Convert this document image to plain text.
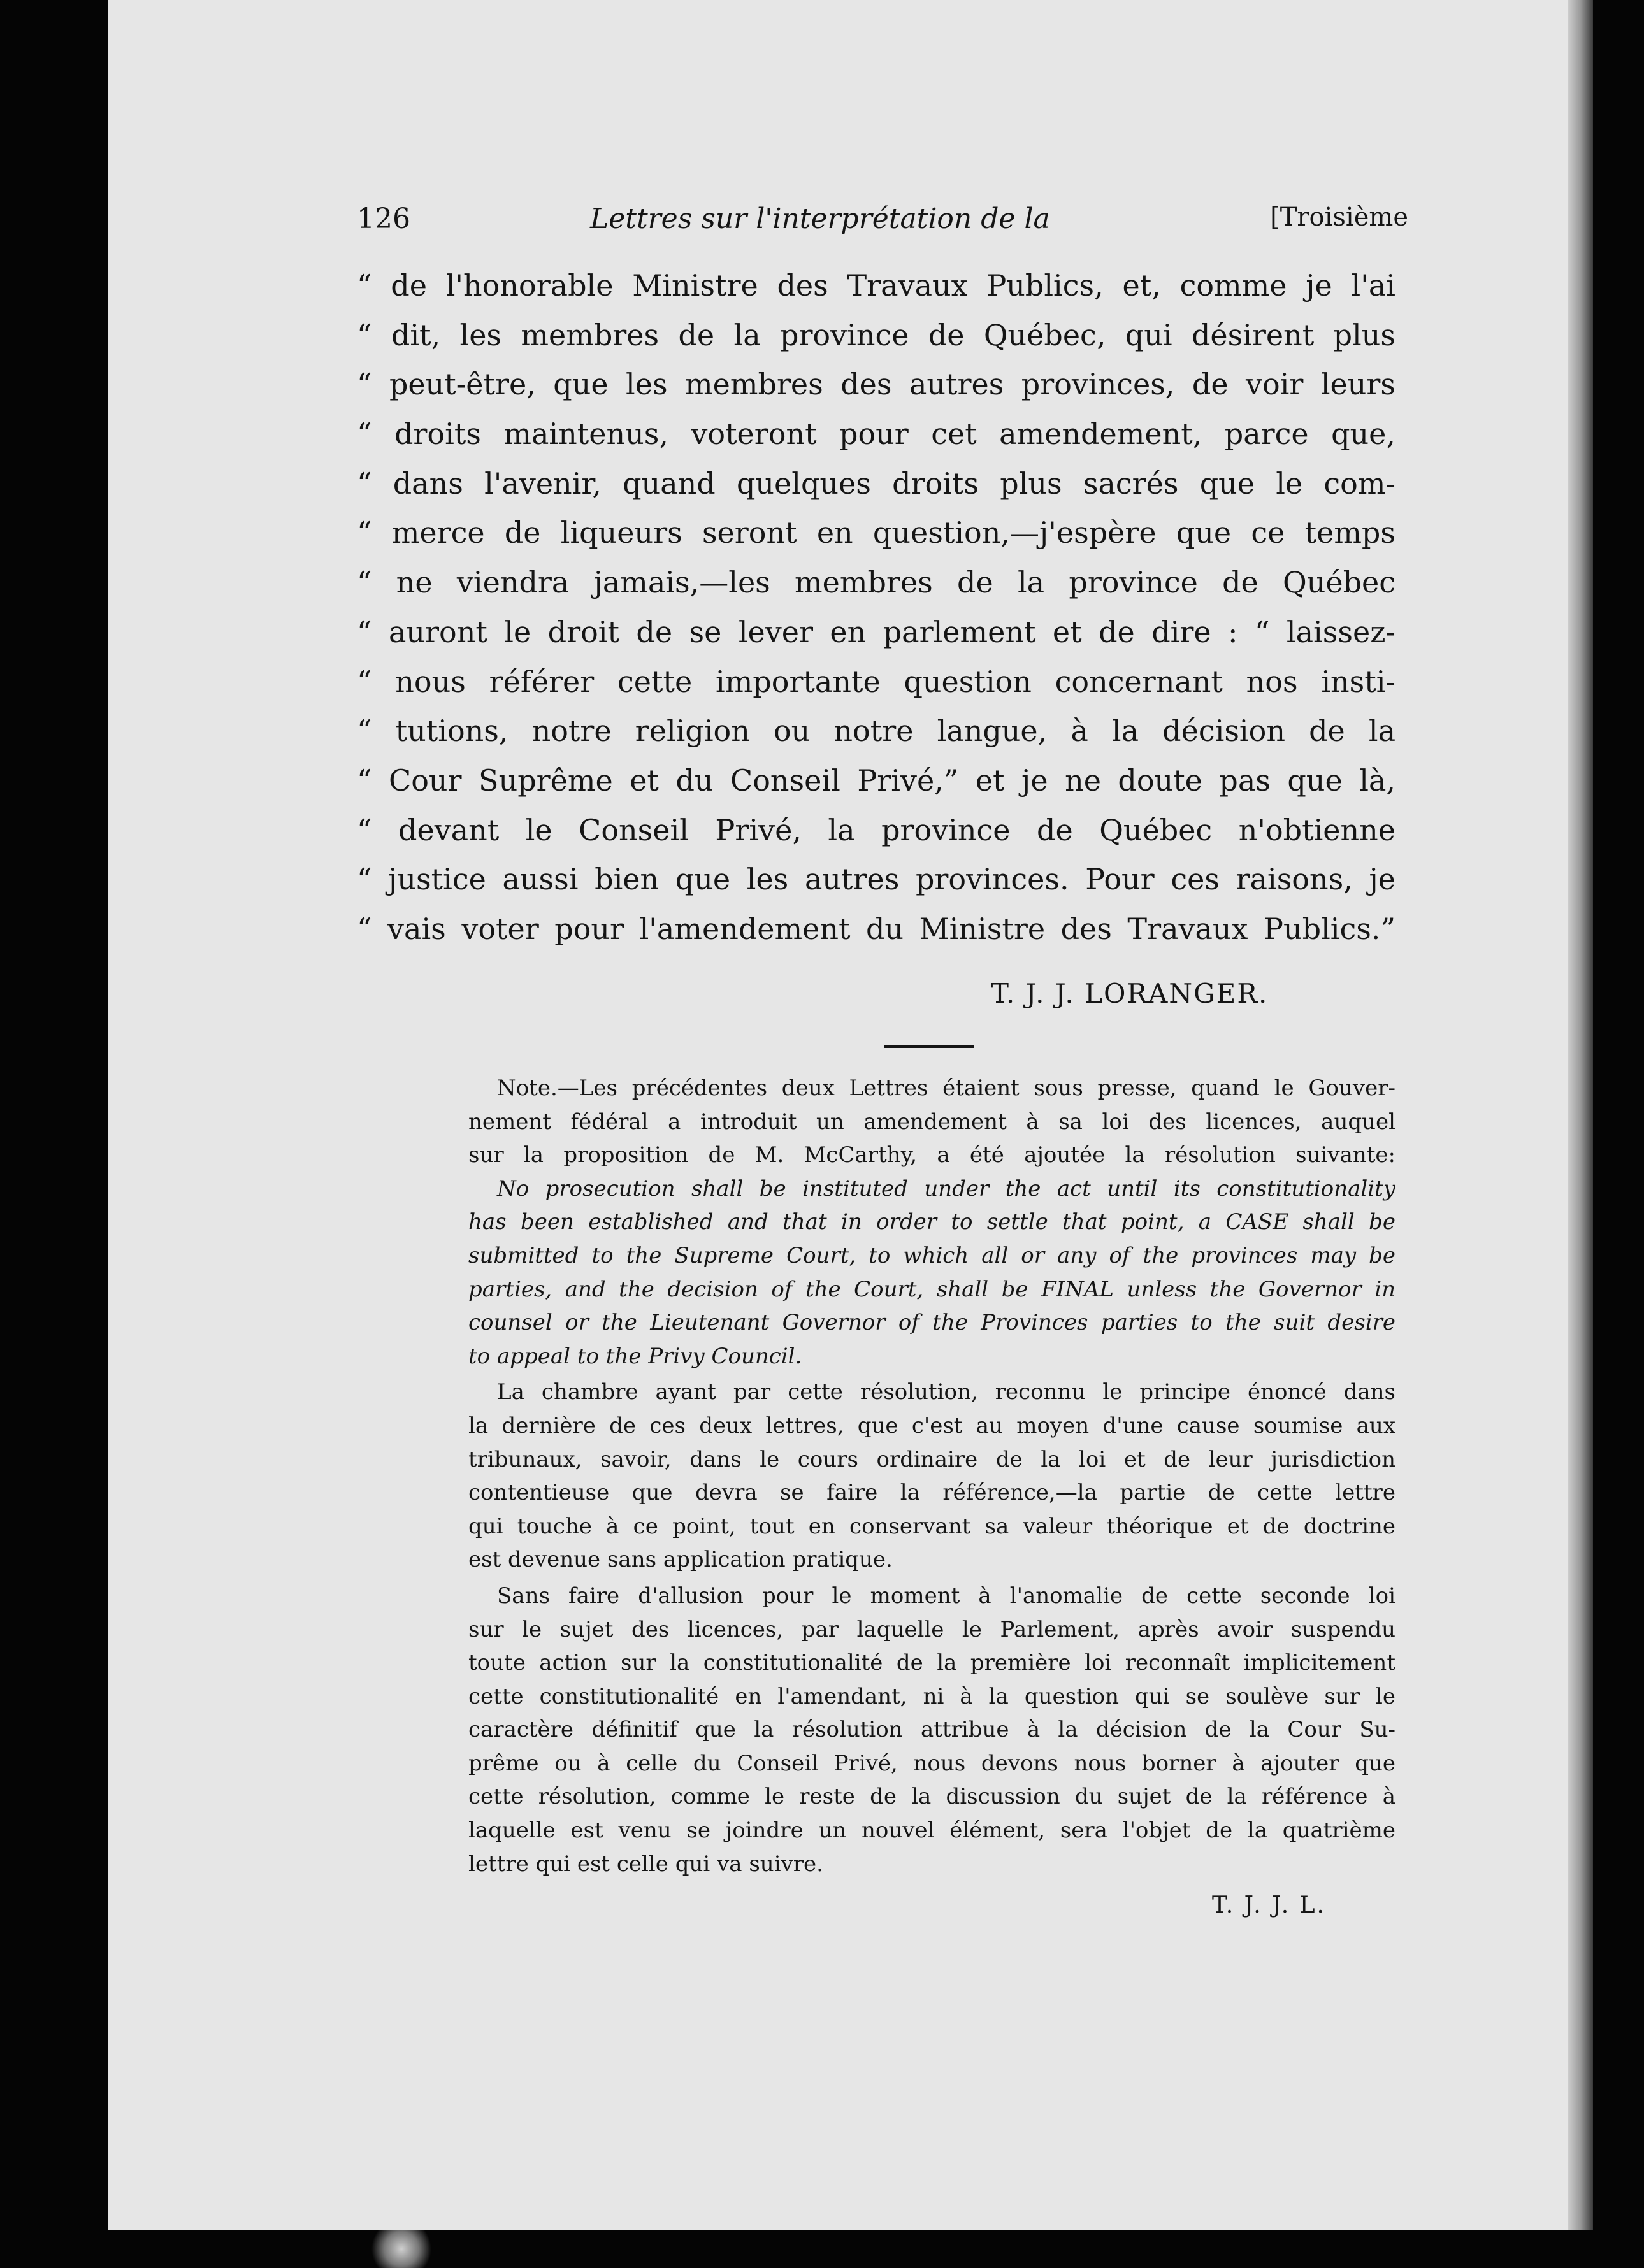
126	Lettres sur l'interprétation de la	[Troisième
“ de l'honorable Ministre des Travaux Publics, et, comme je l'ai
“ dit, les membres de la province de Québec, qui désirent plus
“ peut-être, que les membres des autres provinces, de voir leurs
“ droits maintenus, voteront pour cet amendement, parce que,
“ dans l'avenir, quand quelques droits plus sacrés que le com-
“ merce de liqueurs seront en question,—j'espère que ce temps
“ ne viendra jamais,—les membres de la province de Québec
“ auront le droit de se lever en parlement et de dire : “ laissez-
“ nous référer cette importante question concernant nos insti-
“ tutions, notre religion ou notre langue, à la décision de la
“ Cour Suprême et du Conseil Privé,” et je ne doute pas que là,
“ devant le Conseil Privé, la province de Québec n'obtienne
“ justice aussi bien que les autres provinces. Pour ces raisons, je
“ vais voter pour l'amendement du Ministre des Travaux Publics.”
T. J. J. LORANGER.
Note.—Les précédentes deux Lettres étaient sous presse, quand le Gouver-
nement fédéral a introduit un amendement à sa loi des licences, auquel
sur la proposition de M. McCarthy, a été ajoutée la résolution suivante:
No prosecution shall be instituted under the act until its constitutionality
has been established and that in order to settle that point, a CASE shall be
submitted to the Supreme Court, to which all or any of the provinces may be
parties, and the decision of the Court, shall be FINAL unless the Governor in
counsel or the Lieutenant Governor of the Provinces parties to the suit desire
to appeal to the Privy Council.
La chambre ayant par cette résolution, reconnu le principe énoncé dans
la dernière de ces deux lettres, que c'est au moyen d'une cause soumise aux
tribunaux, savoir, dans le cours ordinaire de la loi et de leur jurisdiction
contentieuse que devra se faire la référence,—la partie de cette lettre
qui touche à ce point, tout en conservant sa valeur théorique et de doctrine
est devenue sans application pratique.
Sans faire d'allusion pour le moment à l'anomalie de cette seconde loi
sur le sujet des licences, par laquelle le Parlement, après avoir suspendu
toute action sur la constitutionalité de la première loi reconnaît implicitement
cette constitutionalité en l'amendant, ni à la question qui se soulève sur le
caractère définitif que la résolution attribue à la décision de la Cour Su-
prême ou à celle du Conseil Privé, nous devons nous borner à ajouter que
cette résolution, comme le reste de la discussion du sujet de la référence à
laquelle est venu se joindre un nouvel élément, sera l'objet de la quatrième
lettre qui est celle qui va suivre.
T. J. J. L.
